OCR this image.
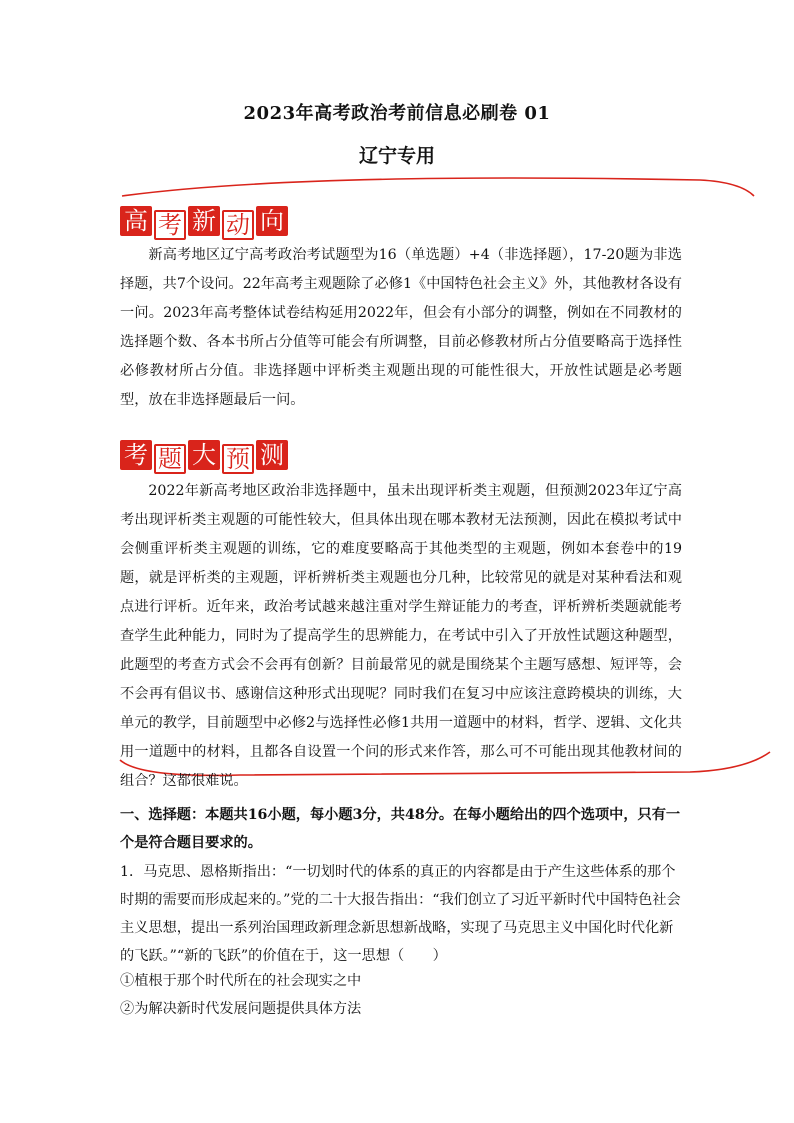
2023年高考政治考前信息必刷卷 01
辽宁专用
高 考 新 动 向

新高考地区辽宁高考政治考试题型为16（单选题）+4（非选择题），17-20题为非选择题，共7个设问。22年高考主观题除了必修1《中国特色社会主义》外，其他教材各设有一问。2023年高考整体试卷结构延用2022年，但会有小部分的调整，例如在不同教材的选择题个数、各本书所占分值等可能会有所调整，目前必修教材所占分值要略高于选择性必修教材所占分值。非选择题中评析类主观题出现的可能性很大，开放性试题是必考题型，放在非选择题最后一问。

考 题 大 预 测

2022年新高考地区政治非选择题中，虽未出现评析类主观题，但预测2023年辽宁高考出现评析类主观题的可能性较大，但具体出现在哪本教材无法预测，因此在模拟考试中会侧重评析类主观题的训练，它的难度要略高于其他类型的主观题，例如本套卷中的19题，就是评析类的主观题，评析辨析类主观题也分几种，比较常见的就是对某种看法和观点进行评析。近年来，政治考试越来越注重对学生辩证能力的考查，评析辨析类题就能考查学生此种能力，同时为了提高学生的思辨能力，在考试中引入了开放性试题这种题型，此题型的考查方式会不会再有创新？目前最常见的就是围绕某个主题写感想、短评等，会不会再有倡议书、感谢信这种形式出现呢？同时我们在复习中应该注意跨模块的训练，大单元的教学，目前题型中必修2与选择性必修1共用一道题中的材料，哲学、逻辑、文化共用一道题中的材料，且都各自设置一个问的形式来作答，那么可不可能出现其他教材间的组合？这都很难说。

一、选择题：本题共16小题，每小题3分，共48分。在每小题给出的四个选项中，只有一个是符合题目要求的。

1．马克思、恩格斯指出：“一切划时代的体系的真正的内容都是由于产生这些体系的那个时期的需要而形成起来的。”党的二十大报告指出：“我们创立了习近平新时代中国特色社会主义思想，提出一系列治国理政新理念新思想新战略，实现了马克思主义中国化时代化新的飞跃。”“新的飞跃”的价值在于，这一思想（　　）

①植根于那个时代所在的社会现实之中

②为解决新时代发展问题提供具体方法
